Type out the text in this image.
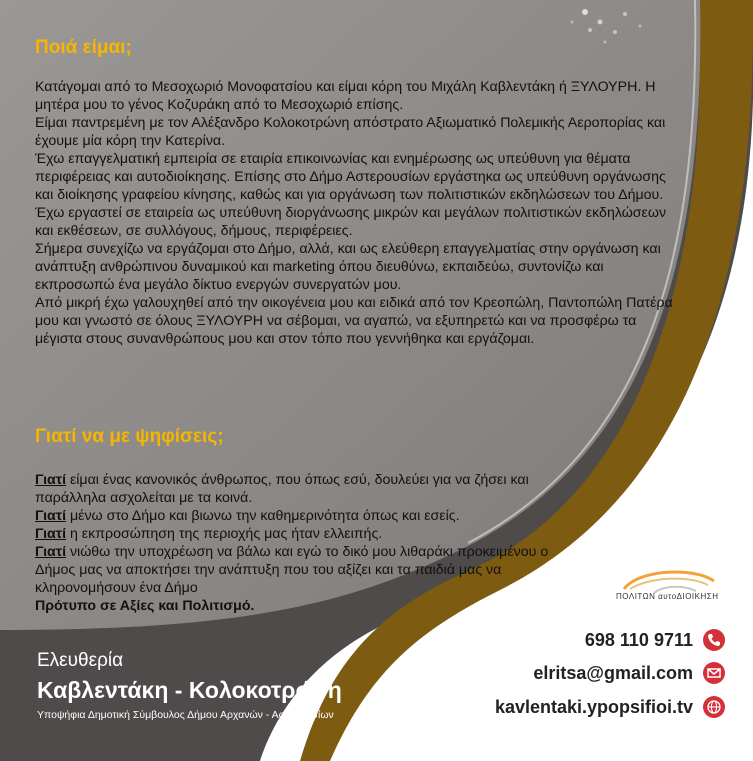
Ποιά είμαι;

Κατάγομαι από το Μεσοχωριό Μονοφατσίου και είμαι κόρη του Μιχάλη Καβλεντάκη ή ΞΥΛΟΥΡΗ. Η μητέρα μου το γένος Κοζυράκη από το Μεσοχωριό επίσης.

Είμαι παντρεμένη με τον Αλέξανδρο Κολοκοτρώνη απόστρατο Αξιωματικό Πολεμικής Αεροπορίας και έχουμε μία κόρη την Κατερίνα.

Έχω επαγγελματική εμπειρία σε εταιρία επικοινωνίας και ενημέρωσης ως υπεύθυνη για θέματα περιφέρειας και αυτοδιοίκησης. Επίσης στο Δήμο Αστερουσίων εργάστηκα ως υπεύθυνη οργάνωσης και διοίκησης γραφείου κίνησης, καθώς και για οργάνωση των πολιτιστικών εκδηλώσεων του Δήμου.

Έχω εργαστεί σε εταιρεία ως υπεύθυνη διοργάνωσης μικρών και μεγάλων πολιτιστικών εκδηλώσεων και εκθέσεων, σε συλλόγους, δήμους, περιφέρειες.

Σήμερα συνεχίζω να εργάζομαι στο Δήμο, αλλά, και ως ελεύθερη επαγγελματίας στην οργάνωση και ανάπτυξη ανθρώπινου δυναμικού και marketing όπου διευθύνω, εκπαιδεύω, συντονίζω και εκπροσωπώ ένα μεγάλο δίκτυο ενεργών συνεργατών μου.

Από μικρή έχω γαλουχηθεί από την οικογένεια μου και ειδικά από τον Κρεοπώλη, Παντοπώλη Πατέρα μου και γνωστό σε όλους ΞΥΛΟΥΡΗ να σέβομαι, να αγαπώ, να εξυπηρετώ και να προσφέρω τα μέγιστα στους συνανθρώπους μου και στον τόπο που γεννήθηκα και εργάζομαι.

Γιατί να με ψηφίσεις;

Γιατί είμαι ένας κανονικός άνθρωπος, που όπως εσύ, δουλεύει για να ζήσει και παράλληλα ασχολείται με τα κοινά.

Γιατί μένω στο Δήμο και βιωνω την καθημερινότητα όπως και εσείς.

Γιατί η εκπροσώπηση της περιοχής μας ήταν ελλειπής.

Γιατί νιώθω την υποχρέωση να βάλω και εγώ το δικό μου λιθαράκι προκειμένου ο Δήμος μας να αποκτήσει την ανάπτυξη που του αξίζει και τα παιδιά μας να κληρονομήσουν ένα Δήμο

Πρότυπο σε Αξίες και Πολιτισμό.

ΠΟΛΙΤΩΝ αυτοΔΙΟΙΚΗΣΗ
Ελευθερία
Καβλεντάκη - Κολοκοτρώνη
Υποψήφια Δημοτική Σύμβουλος Δήμου Αρχανών - Αστερουσίων
698 110 9711
elritsa@gmail.com
kavlentaki.ypopsifioi.tv
